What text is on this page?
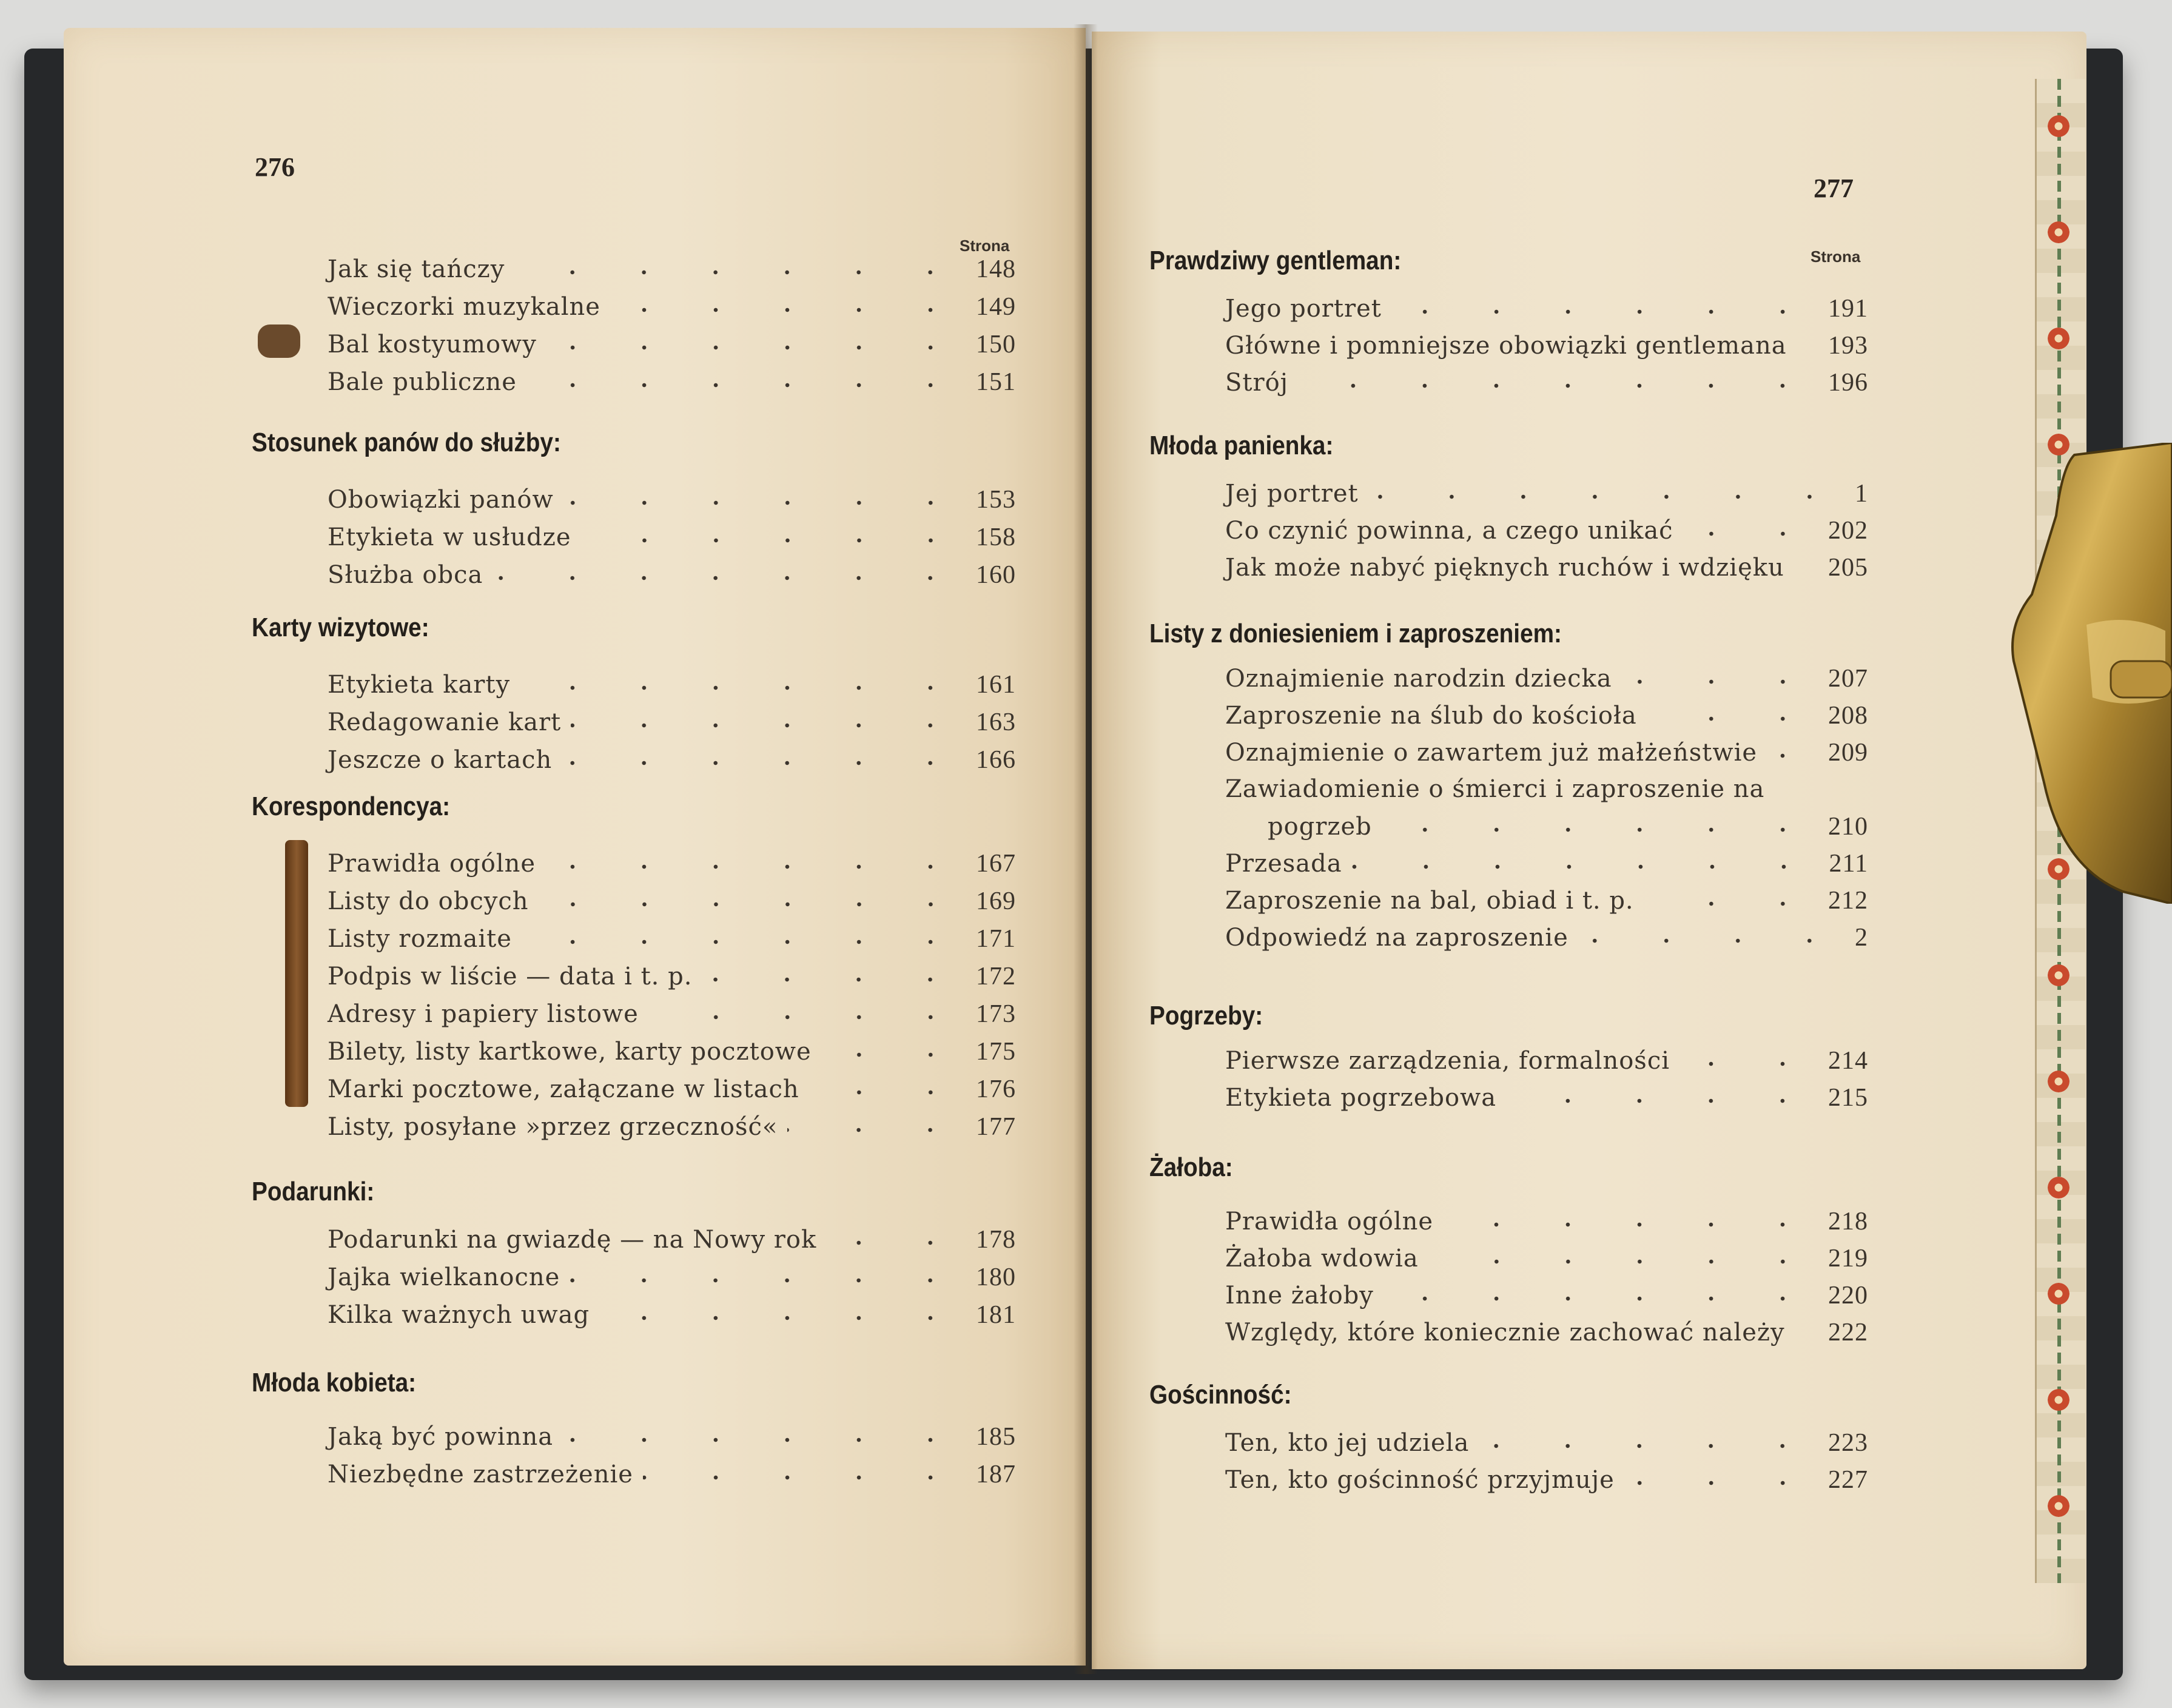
276
277
Strona
Strona
Jak się tańczy	148
Wieczorki muzykalne	149
Bal kostyumowy	150
Bale publiczne	151
Stosunek panów do służby:
Obowiązki panów	153
Etykieta w usłudze	158
Służba obca	160
Karty wizytowe:
Etykieta karty	161
Redagowanie kart	163
Jeszcze o kartach	166
Korespondencya:
Prawidła ogólne	167
Listy do obcych	169
Listy rozmaite	171
Podpis w liście — data i t. p.	172
Adresy i papiery listowe	173
Bilety, listy kartkowe, karty pocztowe	175
Marki pocztowe, załączane w listach	176
Listy, posyłane »przez grzeczność«	177
Podarunki:
Podarunki na gwiazdę — na Nowy rok	178
Jajka wielkanocne	180
Kilka ważnych uwag	181
Młoda kobieta:
Jaką być powinna	185
Niezbędne zastrzeżenie	187
Prawdziwy gentleman:
Jego portret	191
Główne i pomniejsze obowiązki gentlemana 193
Strój	196
Młoda panienka:
Jej portret	1
Co czynić powinna, a czego unikać	202
Jak może nabyć pięknych ruchów i wdzięku 205
Listy z doniesieniem i zaproszeniem:
Oznajmienie narodzin dziecka	207
Zaproszenie na ślub do kościoła	208
Oznajmienie o zawartem już małżeństwie	209
Zawiadomienie o śmierci i zaproszenie na
pogrzeb	210
Przesada	211
Zaproszenie na bal, obiad i t. p.	212
Odpowiedź na zaproszenie	2
Pogrzeby:
Pierwsze zarządzenia, formalności	214
Etykieta pogrzebowa	215
Żałoba:
Prawidła ogólne	218
Żałoba wdowia	219
Inne żałoby	220
Względy, które koniecznie zachować należy 222
Gościnność:
Ten, kto jej udziela	223
Ten, kto gościnność przyjmuje	227
